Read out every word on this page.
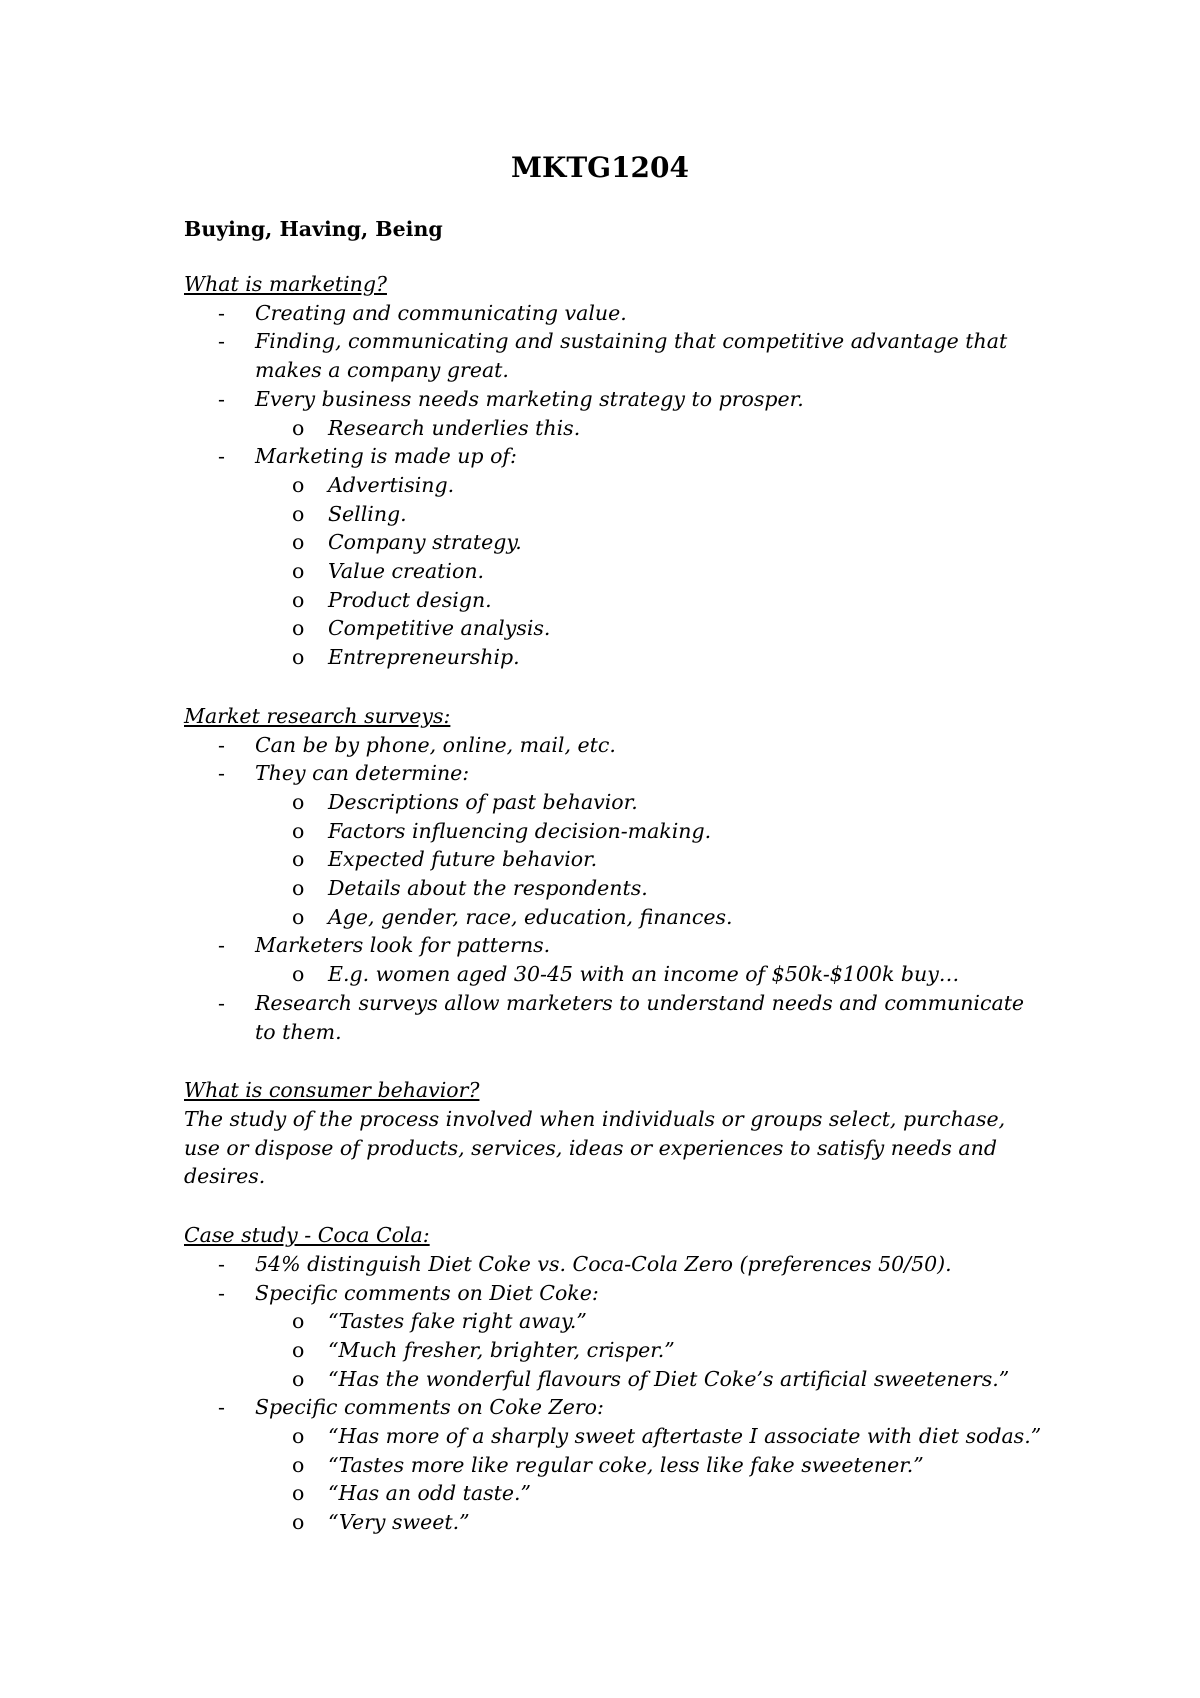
MKTG1204
Buying, Having, Being
What is marketing?
- Creating and communicating value.
- Finding, communicating and sustaining that competitive advantage that makes a company great.
- Every business needs marketing strategy to prosper.
o Research underlies this.
- Marketing is made up of:
o Advertising.
o Selling.
o Company strategy.
o Value creation.
o Product design.
o Competitive analysis.
o Entrepreneurship.
Market research surveys:
- Can be by phone, online, mail, etc.
- They can determine:
o Descriptions of past behavior.
o Factors influencing decision-making.
o Expected future behavior.
o Details about the respondents.
o Age, gender, race, education, finances.
- Marketers look for patterns.
o E.g. women aged 30-45 with an income of $50k-$100k buy…
- Research surveys allow marketers to understand needs and communicate to them.
What is consumer behavior?
The study of the process involved when individuals or groups select, purchase, use or dispose of products, services, ideas or experiences to satisfy needs and desires.
Case study - Coca Cola:
- 54% distinguish Diet Coke vs. Coca-Cola Zero (preferences 50/50).
- Specific comments on Diet Coke:
o “Tastes fake right away.”
o “Much fresher, brighter, crisper.”
o “Has the wonderful flavours of Diet Coke’s artificial sweeteners.”
- Specific comments on Coke Zero:
o “Has more of a sharply sweet aftertaste I associate with diet sodas.”
o “Tastes more like regular coke, less like fake sweetener.”
o “Has an odd taste.”
o “Very sweet.”
